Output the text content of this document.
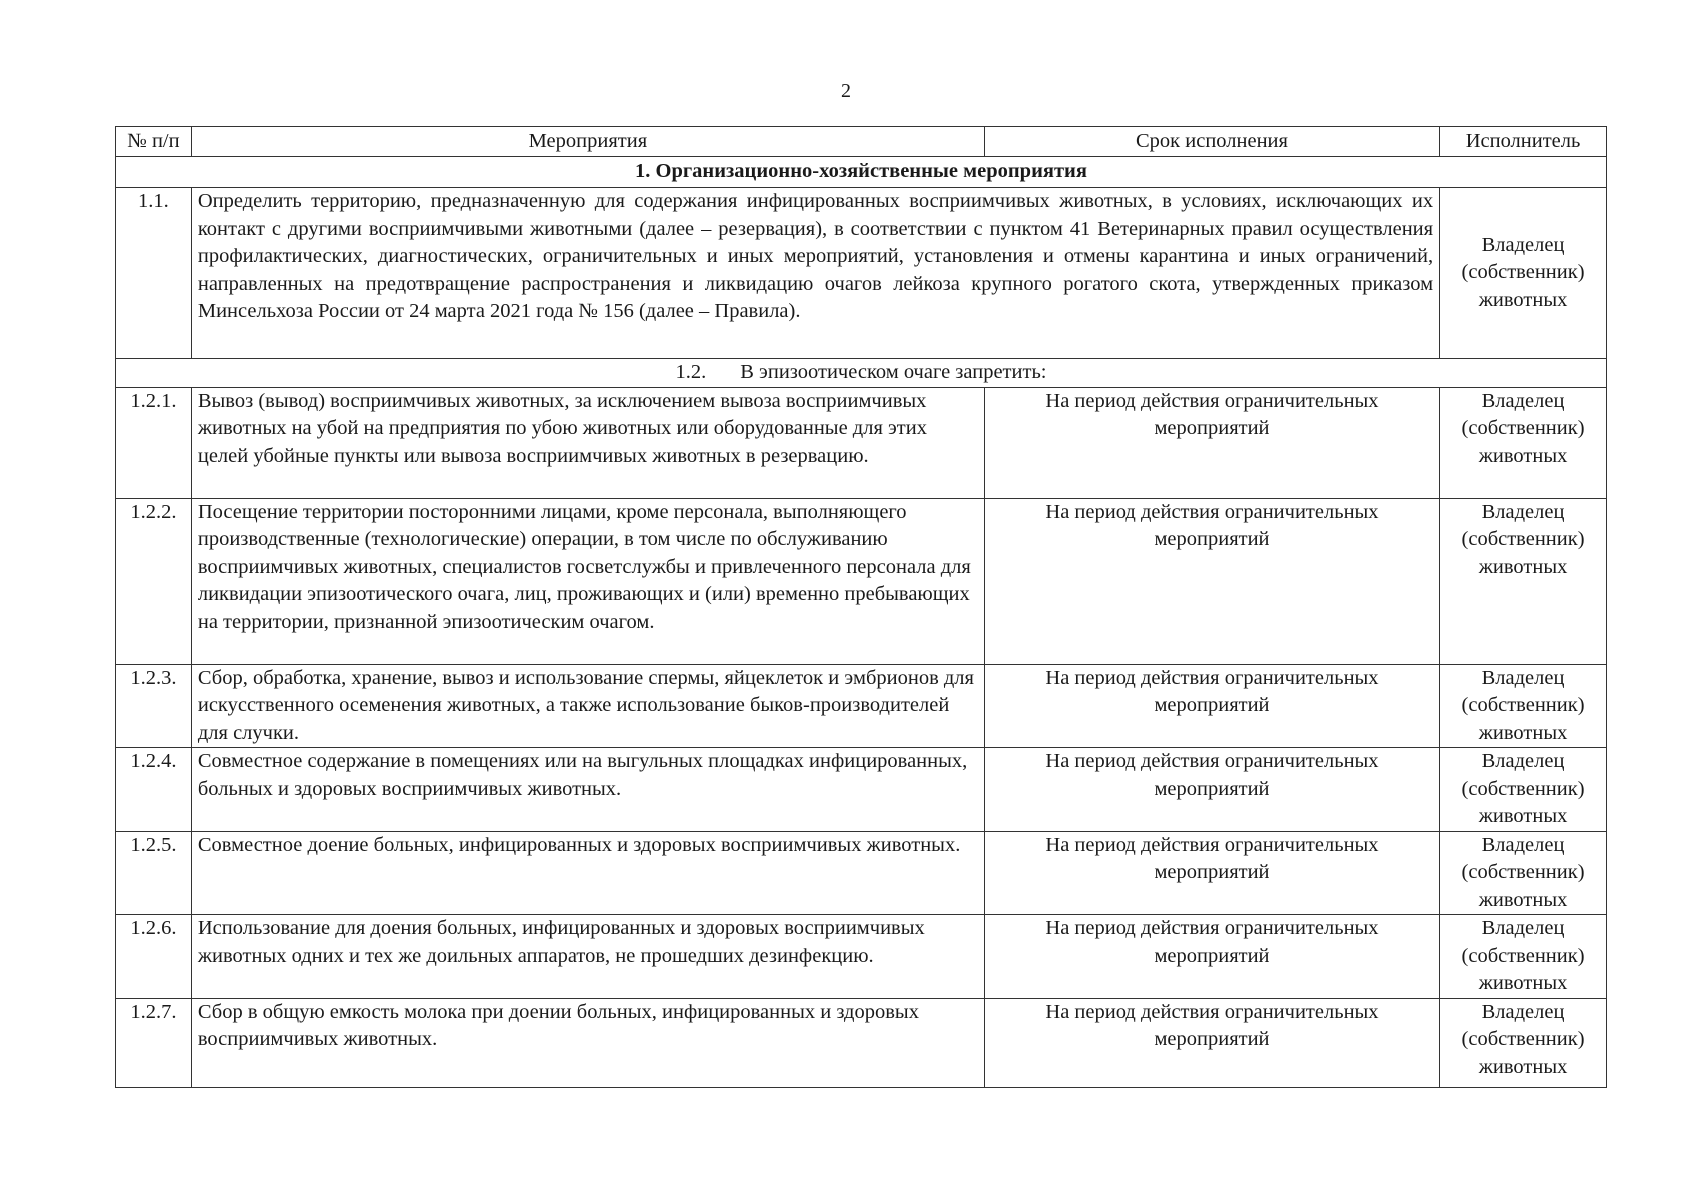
2
№ п/п	Мероприятия	Срок исполнения	Исполнитель
1. Организационно-хозяйственные мероприятия			
1.1.	Определить территорию, предназначенную для содержания инфицированных восприимчивых животных, в условиях, исключающих их контакт с другими восприимчивыми животными (далее – резервация), в соответствии с пунктом 41 Ветеринарных правил осуществления профилактических, диагностических, ограничительных и иных мероприятий, установления и отмены карантина и иных ограничений, направленных на предотвращение распространения и ликвидацию очагов лейкоза крупного рогатого скота, утвержденных приказом Минсельхоза России от 24 марта 2021 года № 156 (далее – Правила).		Владелец (собственник) животных
1.2. В эпизоотическом очаге запретить:			
1.2.1.	Вывоз (вывод) восприимчивых животных, за исключением вывоза восприимчивых животных на убой на предприятия по убою животных или оборудованные для этих целей убойные пункты или вывоза восприимчивых животных в резервацию.	На период действия ограничительных мероприятий	Владелец (собственник) животных
1.2.2.	Посещение территории посторонними лицами, кроме персонала, выполняющего производственные (технологические) операции, в том числе по обслуживанию восприимчивых животных, специалистов госветслужбы и привлеченного персонала для ликвидации эпизоотического очага, лиц, проживающих и (или) временно пребывающих на территории, признанной эпизоотическим очагом.	На период действия ограничительных мероприятий	Владелец (собственник) животных
1.2.3.	Сбор, обработка, хранение, вывоз и использование спермы, яйцеклеток и эмбрионов для искусственного осеменения животных, а также использование быков-производителей для случки.	На период действия ограничительных мероприятий	Владелец (собственник) животных
1.2.4.	Совместное содержание в помещениях или на выгульных площадках инфицированных, больных и здоровых восприимчивых животных.	На период действия ограничительных мероприятий	Владелец (собственник) животных
1.2.5.	Совместное доение больных, инфицированных и здоровых восприимчивых животных.	На период действия ограничительных мероприятий	Владелец (собственник) животных
1.2.6.	Использование для доения больных, инфицированных и здоровых восприимчивых животных одних и тех же доильных аппаратов, не прошедших дезинфекцию.	На период действия ограничительных мероприятий	Владелец (собственник) животных
1.2.7.	Сбор в общую емкость молока при доении больных, инфицированных и здоровых восприимчивых животных.	На период действия ограничительных мероприятий	Владелец (собственник) животных
